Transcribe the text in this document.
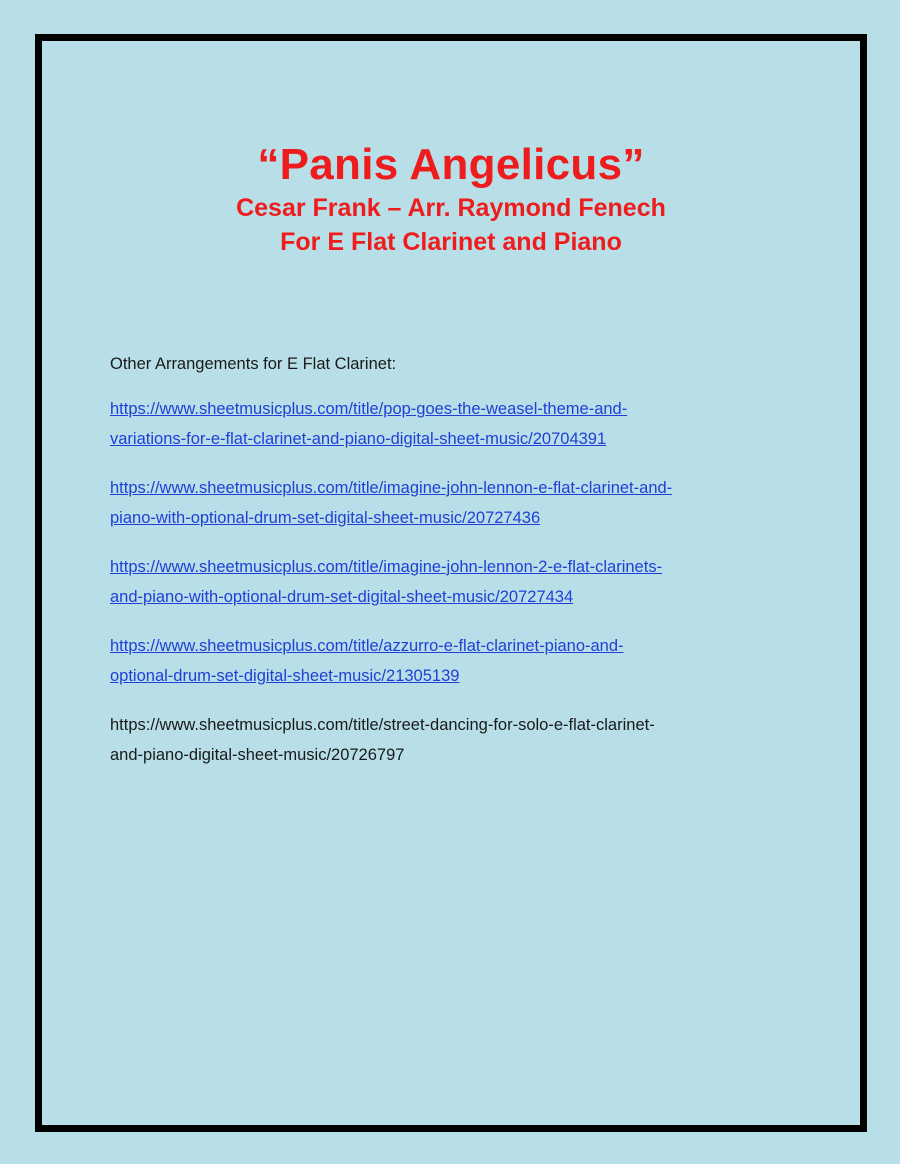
“Panis Angelicus”

Cesar Frank – Arr. Raymond Fenech

For E Flat Clarinet and Piano

Other Arrangements for E Flat Clarinet:

https://www.sheetmusicplus.com/title/pop-goes-the-weasel-theme-and-
variations-for-e-flat-clarinet-and-piano-digital-sheet-music/20704391

https://www.sheetmusicplus.com/title/imagine-john-lennon-e-flat-clarinet-and-
piano-with-optional-drum-set-digital-sheet-music/20727436

https://www.sheetmusicplus.com/title/imagine-john-lennon-2-e-flat-clarinets-
and-piano-with-optional-drum-set-digital-sheet-music/20727434

https://www.sheetmusicplus.com/title/azzurro-e-flat-clarinet-piano-and-
optional-drum-set-digital-sheet-music/21305139

https://www.sheetmusicplus.com/title/street-dancing-for-solo-e-flat-clarinet-
and-piano-digital-sheet-music/20726797
